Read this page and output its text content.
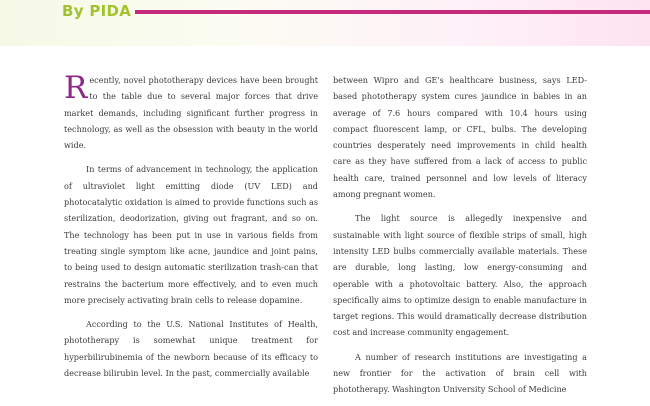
By PIDA

R ecently, novel phototherapy devices have been brought to the table due to several major forces that drive market demands, including significant further progress in technology, as well as the obsession with beauty in the world wide.

In terms of advancement in technology, the application of ultraviolet light emitting diode (UV LED) and photocatalytic oxidation is aimed to provide functions such as sterilization, deodorization, giving out fragrant, and so on. The technology has been put in use in various fields from treating single symptom like acne, jaundice and joint pains, to being used to design automatic sterilization trash-can that restrains the bacterium more effectively, and to even much more precisely activating brain cells to release dopamine.

According to the U.S. National Institutes of Health, phototherapy is somewhat unique treatment for hyperbilirubinemia of the newborn because of its efficacy to decrease bilirubin level. In the past, commercially available

between Wipro and GE's healthcare business, says LED-based phototherapy system cures jaundice in babies in an average of 7.6 hours compared with 10.4 hours using compact fluorescent lamp, or CFL, bulbs. The developing countries desperately need improvements in child health care as they have suffered from a lack of access to public health care, trained personnel and low levels of literacy among pregnant women.

The light source is allegedly inexpensive and sustainable with light source of flexible strips of small, high intensity LED bulbs commercially available materials. These are durable, long lasting, low energy-consuming and operable with a photovoltaic battery. Also, the approach specifically aims to optimize design to enable manufacture in target regions. This would dramatically decrease distribution cost and increase community engagement.

A number of research institutions are investigating a new frontier for the activation of brain cell with phototherapy. Washington University School of Medicine
